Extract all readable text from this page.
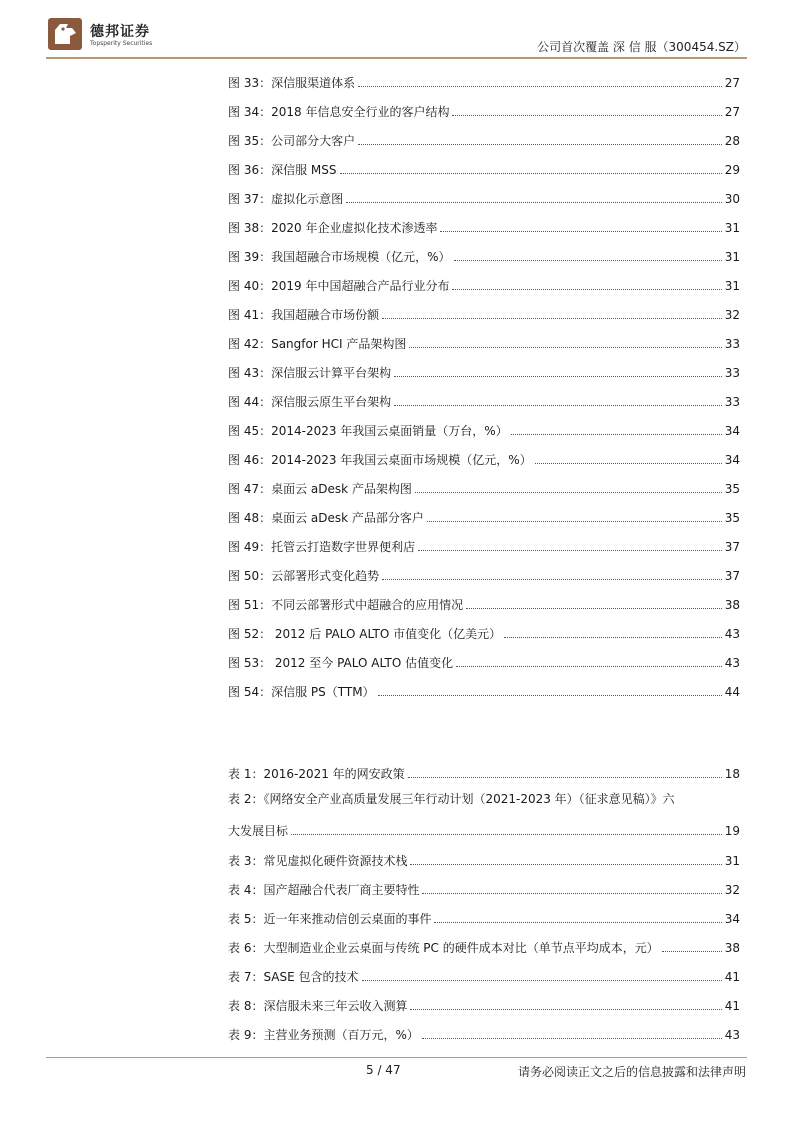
德邦证券
Topsperity Securities	公司首次覆盖 深 信 服（300454.SZ）
图 33：深信服渠道体系	27
图 34：2018 年信息安全行业的客户结构	27
图 35：公司部分大客户	28
图 36：深信服 MSS	29
图 37：虚拟化示意图	30
图 38：2020 年企业虚拟化技术渗透率	31
图 39：我国超融合市场规模（亿元，%）	31
图 40：2019 年中国超融合产品行业分布	31
图 41：我国超融合市场份额	32
图 42：Sangfor HCI 产品架构图	33
图 43：深信服云计算平台架构	33
图 44：深信服云原生平台架构	33
图 45：2014-2023 年我国云桌面销量（万台，%）	34
图 46：2014-2023 年我国云桌面市场规模（亿元，%）	34
图 47：桌面云 aDesk 产品架构图	35
图 48：桌面云 aDesk 产品部分客户	35
图 49：托管云打造数字世界便利店	37
图 50：云部署形式变化趋势	37
图 51：不同云部署形式中超融合的应用情况	38
图 52： 2012 后 PALO ALTO 市值变化（亿美元）	43
图 53： 2012 至今 PALO ALTO 估值变化	43
图 54：深信服 PS（TTM）	44
表 1：2016-2021 年的网安政策	18
表 2：《网络安全产业高质量发展三年行动计划（2021-2023 年）（征求意见稿）》六
大发展目标	19
表 3：常见虚拟化硬件资源技术栈	31
表 4：国产超融合代表厂商主要特性	32
表 5：近一年来推动信创云桌面的事件	34
表 6：大型制造业企业云桌面与传统 PC 的硬件成本对比（单节点平均成本，元）	38
表 7：SASE 包含的技术	41
表 8：深信服未来三年云收入测算	41
表 9：主营业务预测（百万元，%）	43
5 / 47	请务必阅读正文之后的信息披露和法律声明
